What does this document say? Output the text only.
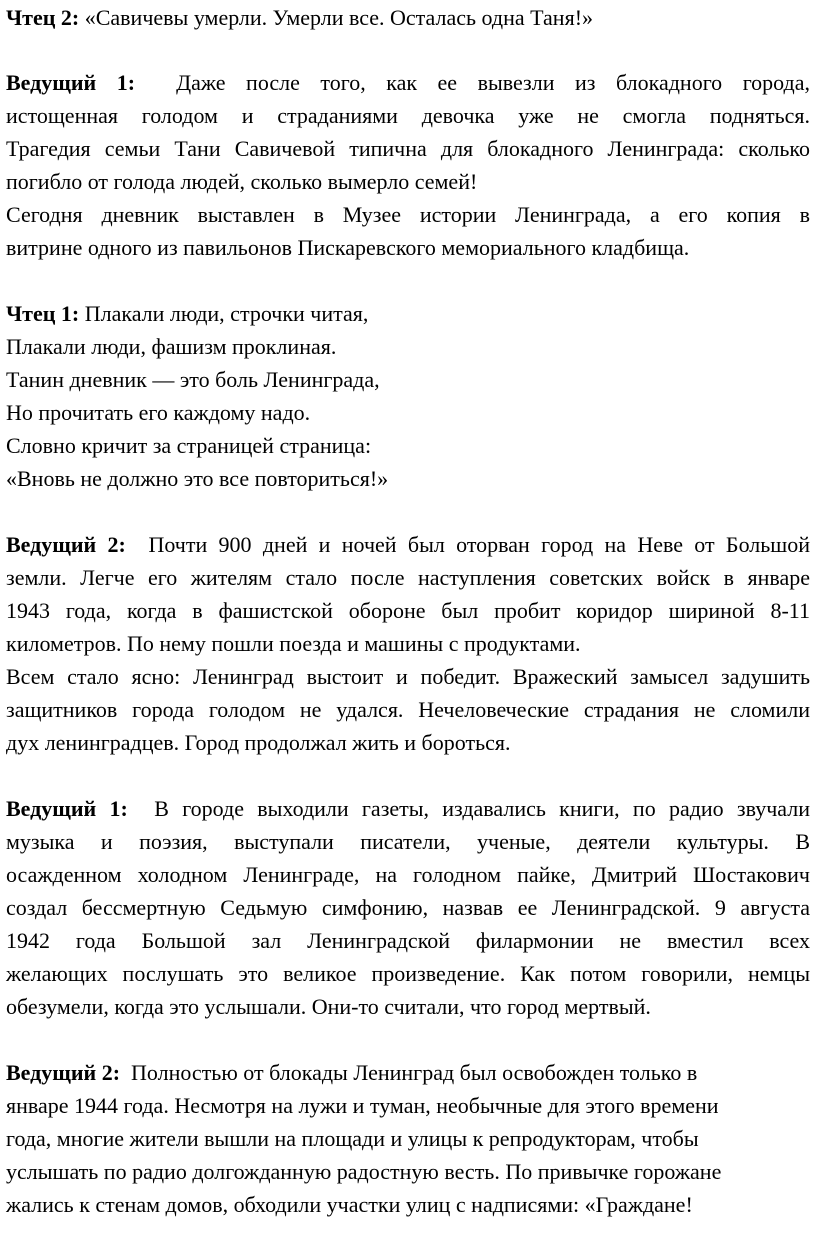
Чтец 2: «Савичевы умерли. Умерли все. Осталась одна Таня!»
Ведущий 1: Даже после того, как ее вывезли из блокадного города,
истощенная голодом и страданиями девочка уже не смогла подняться.
Трагедия семьи Тани Савичевой типична для блокадного Ленинграда: сколько
погибло от голода людей, сколько вымерло семей!
Сегодня дневник выставлен в Музее истории Ленинграда, а его копия в
витрине одного из павильонов Пискаревского мемориального кладбища.
Чтец 1: Плакали люди, строчки читая,
Плакали люди, фашизм проклиная.
Танин дневник — это боль Ленинграда,
Но прочитать его каждому надо.
Словно кричит за страницей страница:
«Вновь не должно это все повториться!»
Ведущий 2: Почти 900 дней и ночей был оторван город на Неве от Большой
земли. Легче его жителям стало после наступления советских войск в январе
1943 года, когда в фашистской обороне был пробит коридор шириной 8-11
километров. По нему пошли поезда и машины с продуктами.
Всем стало ясно: Ленинград выстоит и победит. Вражеский замысел задушить
защитников города голодом не удался. Нечеловеческие страдания не сломили
дух ленинградцев. Город продолжал жить и бороться.
Ведущий 1: В городе выходили газеты, издавались книги, по радио звучали
музыка и поэзия, выступали писатели, ученые, деятели культуры. В
осажденном холодном Ленинграде, на голодном пайке, Дмитрий Шостакович
создал бессмертную Седьмую симфонию, назвав ее Ленинградской. 9 августа
1942 года Большой зал Ленинградской филармонии не вместил всех
желающих послушать это великое произведение. Как потом говорили, немцы
обезумели, когда это услышали. Они-то считали, что город мертвый.
Ведущий 2: Полностью от блокады Ленинград был освобожден только в
январе 1944 года. Несмотря на лужи и туман, необычные для этого времени
года, многие жители вышли на площади и улицы к репродукторам, чтобы
услышать по радио долгожданную радостную весть. По привычке горожане
жались к стенам домов, обходили участки улиц с надписями: «Граждане!
